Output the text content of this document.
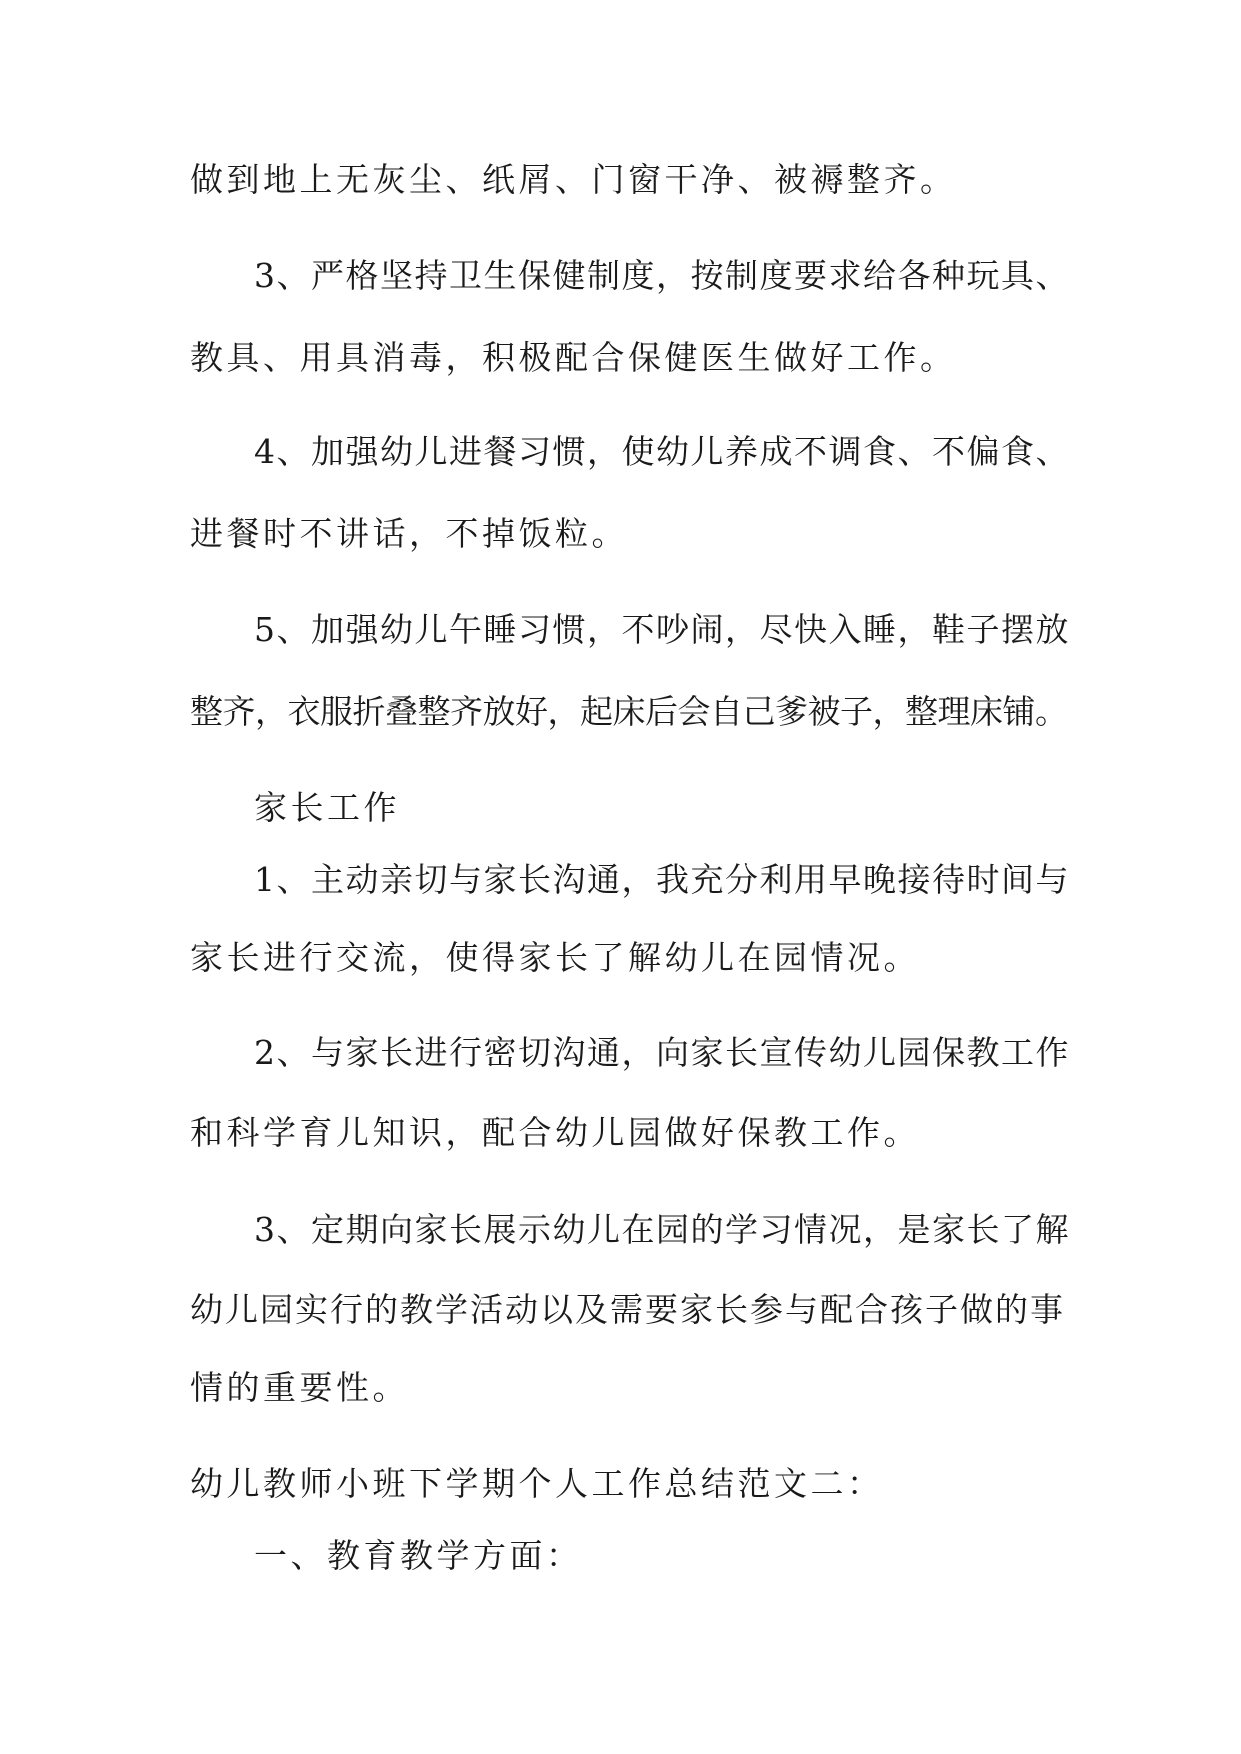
做到地上无灰尘、纸屑、门窗干净、被褥整齐。
3、严格坚持卫生保健制度，按制度要求给各种玩具、
教具、用具消毒，积极配合保健医生做好工作。
4、加强幼儿进餐习惯，使幼儿养成不调食、不偏食、
进餐时不讲话，不掉饭粒。
5、加强幼儿午睡习惯，不吵闹，尽快入睡，鞋子摆放
整齐，衣服折叠整齐放好，起床后会自己爹被子，整理床铺。
家长工作
1、主动亲切与家长沟通，我充分利用早晚接待时间与
家长进行交流，使得家长了解幼儿在园情况。
2、与家长进行密切沟通，向家长宣传幼儿园保教工作
和科学育儿知识，配合幼儿园做好保教工作。
3、定期向家长展示幼儿在园的学习情况，是家长了解
幼儿园实行的教学活动以及需要家长参与配合孩子做的事
情的重要性。
幼儿教师小班下学期个人工作总结范文二：
一、教育教学方面：
